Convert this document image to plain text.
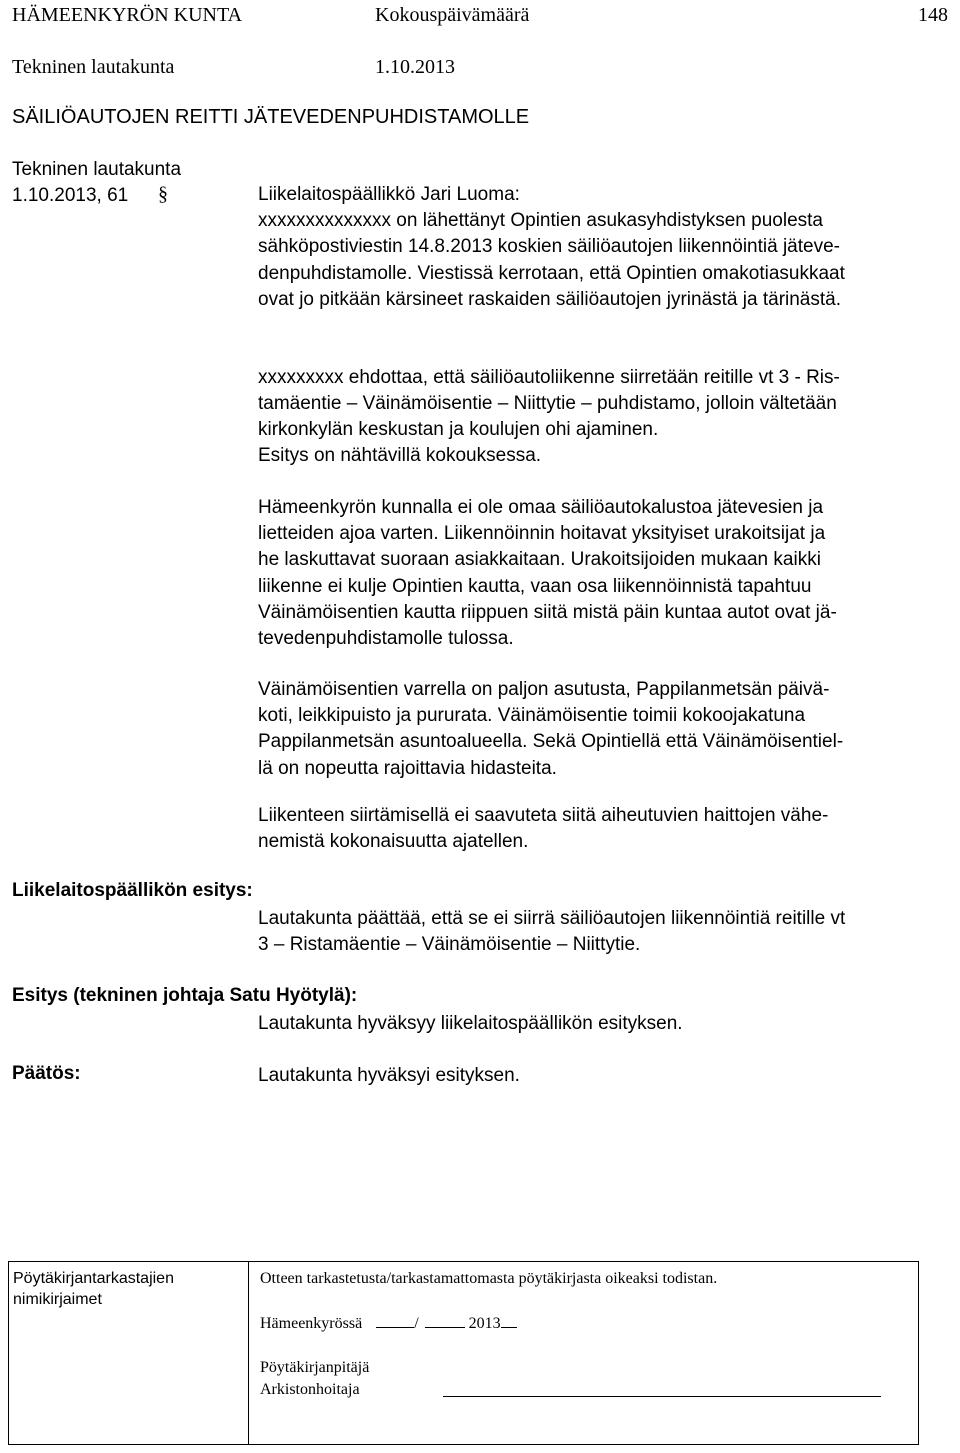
HÄMEENKYRÖN KUNTA	Kokouspäivämäärä	148
Tekninen lautakunta	1.10.2013
SÄILIÖAUTOJEN REITTI JÄTEVEDENPUHDISTAMOLLE
Tekninen lautakunta
1.10.2013, 61 §	Liikelaitospäällikkö Jari Luoma:
xxxxxxxxxxxxxx on lähettänyt Opintien asukasyhdistyksen puolesta
sähköpostiviestin 14.8.2013 koskien säiliöautojen liikennöintiä jäteve-
denpuhdistamolle. Viestissä kerrotaan, että Opintien omakotiasukkaat
ovat jo pitkään kärsineet raskaiden säiliöautojen jyrinästä ja tärinästä.
xxxxxxxxx ehdottaa, että säiliöautoliikenne siirretään reitille vt 3 - Ris-
tamäentie – Väinämöisentie – Niittytie – puhdistamo, jolloin vältetään
kirkonkylän keskustan ja koulujen ohi ajaminen.
Esitys on nähtävillä kokouksessa.
Hämeenkyrön kunnalla ei ole omaa säiliöautokalustoa jätevesien ja
lietteiden ajoa varten. Liikennöinnin hoitavat yksityiset urakoitsijat ja
he laskuttavat suoraan asiakkaitaan. Urakoitsijoiden mukaan kaikki
liikenne ei kulje Opintien kautta, vaan osa liikennöinnistä tapahtuu
Väinämöisentien kautta riippuen siitä mistä päin kuntaa autot ovat jä-
tevedenpuhdistamolle tulossa.
Väinämöisentien varrella on paljon asutusta, Pappilanmetsän päivä-
koti, leikkipuisto ja pururata. Väinämöisentie toimii kokoojakatuna
Pappilanmetsän asuntoalueella. Sekä Opintiellä että Väinämöisentiel-
lä on nopeutta rajoittavia hidasteita.
Liikenteen siirtämisellä ei saavuteta siitä aiheutuvien haittojen vähe-
nemistä kokonaisuutta ajatellen.
Liikelaitospäällikön esitys:
Lautakunta päättää, että se ei siirrä säiliöautojen liikennöintiä reitille vt
3 – Ristamäentie – Väinämöisentie – Niittytie.
Esitys (tekninen johtaja Satu Hyötylä):
Lautakunta hyväksyy liikelaitospäällikön esityksen.
Päätös:	Lautakunta hyväksyi esityksen.
Pöytäkirjantarkastajien
nimikirjaimet
Otteen tarkastetusta/tarkastamattomasta pöytäkirjasta oikeaksi todistan.
Hämeenkyrössä	/	2013
Pöytäkirjanpitäjä
Arkistonhoitaja
